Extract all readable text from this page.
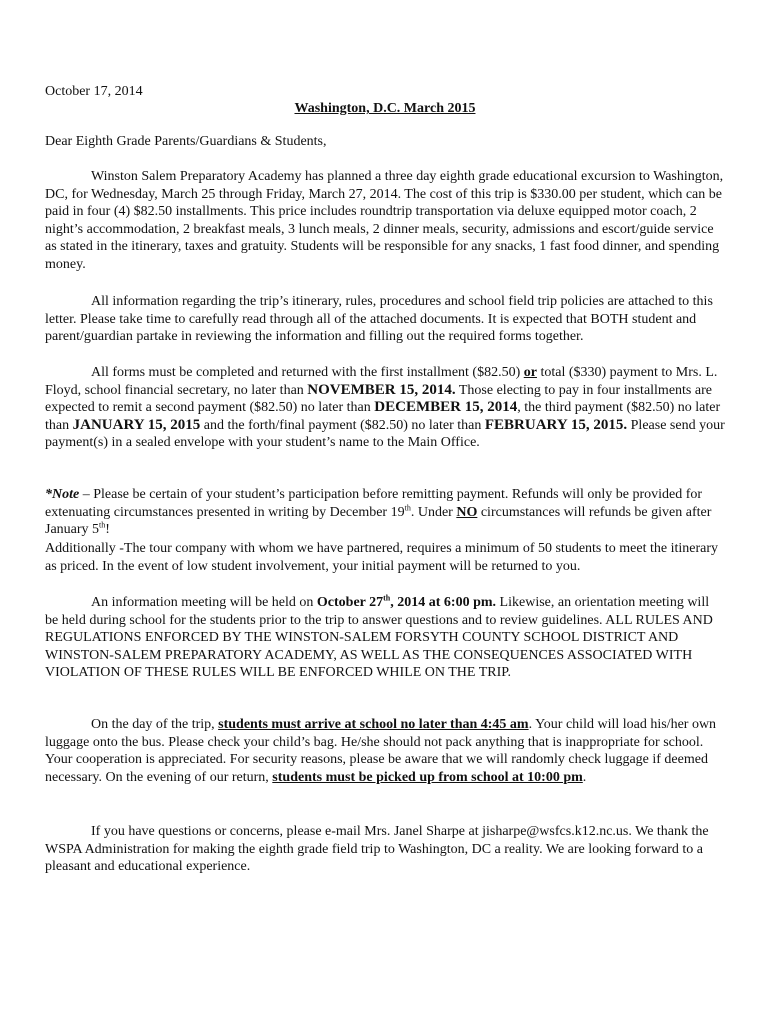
October 17, 2014
Washington, D.C. March 2015
Dear Eighth Grade Parents/Guardians & Students,

Winston Salem Preparatory Academy has planned a three day eighth grade educational excursion to Washington, DC, for Wednesday, March 25 through Friday, March 27, 2014. The cost of this trip is $330.00 per student, which can be paid in four (4) $82.50 installments. This price includes roundtrip transportation via deluxe equipped motor coach, 2 night’s accommodation, 2 breakfast meals, 3 lunch meals, 2 dinner meals, security, admissions and escort/guide service as stated in the itinerary, taxes and gratuity. Students will be responsible for any snacks, 1 fast food dinner, and spending money.

All information regarding the trip’s itinerary, rules, procedures and school field trip policies are attached to this letter. Please take time to carefully read through all of the attached documents. It is expected that BOTH student and parent/guardian partake in reviewing the information and filling out the required forms together.

All forms must be completed and returned with the first installment ($82.50) or total ($330) payment to Mrs. L. Floyd, school financial secretary, no later than NOVEMBER 15, 2014. Those electing to pay in four installments are expected to remit a second payment ($82.50) no later than DECEMBER 15, 2014, the third payment ($82.50) no later than JANUARY 15, 2015 and the forth/final payment ($82.50) no later than FEBRUARY 15, 2015. Please send your payment(s) in a sealed envelope with your student’s name to the Main Office.

*Note – Please be certain of your student’s participation before remitting payment. Refunds will only be provided for extenuating circumstances presented in writing by December 19th. Under NO circumstances will refunds be given after January 5th!

Additionally -The tour company with whom we have partnered, requires a minimum of 50 students to meet the itinerary as priced. In the event of low student involvement, your initial payment will be returned to you.

An information meeting will be held on October 27th, 2014 at 6:00 pm. Likewise, an orientation meeting will be held during school for the students prior to the trip to answer questions and to review guidelines. ALL RULES AND REGULATIONS ENFORCED BY THE WINSTON-SALEM FORSYTH COUNTY SCHOOL DISTRICT AND WINSTON-SALEM PREPARATORY ACADEMY, AS WELL AS THE CONSEQUENCES ASSOCIATED WITH VIOLATION OF THESE RULES WILL BE ENFORCED WHILE ON THE TRIP.

On the day of the trip, students must arrive at school no later than 4:45 am. Your child will load his/her own luggage onto the bus. Please check your child’s bag. He/she should not pack anything that is inappropriate for school. Your cooperation is appreciated. For security reasons, please be aware that we will randomly check luggage if deemed necessary. On the evening of our return, students must be picked up from school at 10:00 pm.

If you have questions or concerns, please e-mail Mrs. Janel Sharpe at jisharpe@wsfcs.k12.nc.us. We thank the WSPA Administration for making the eighth grade field trip to Washington, DC a reality. We are looking forward to a pleasant and educational experience.
